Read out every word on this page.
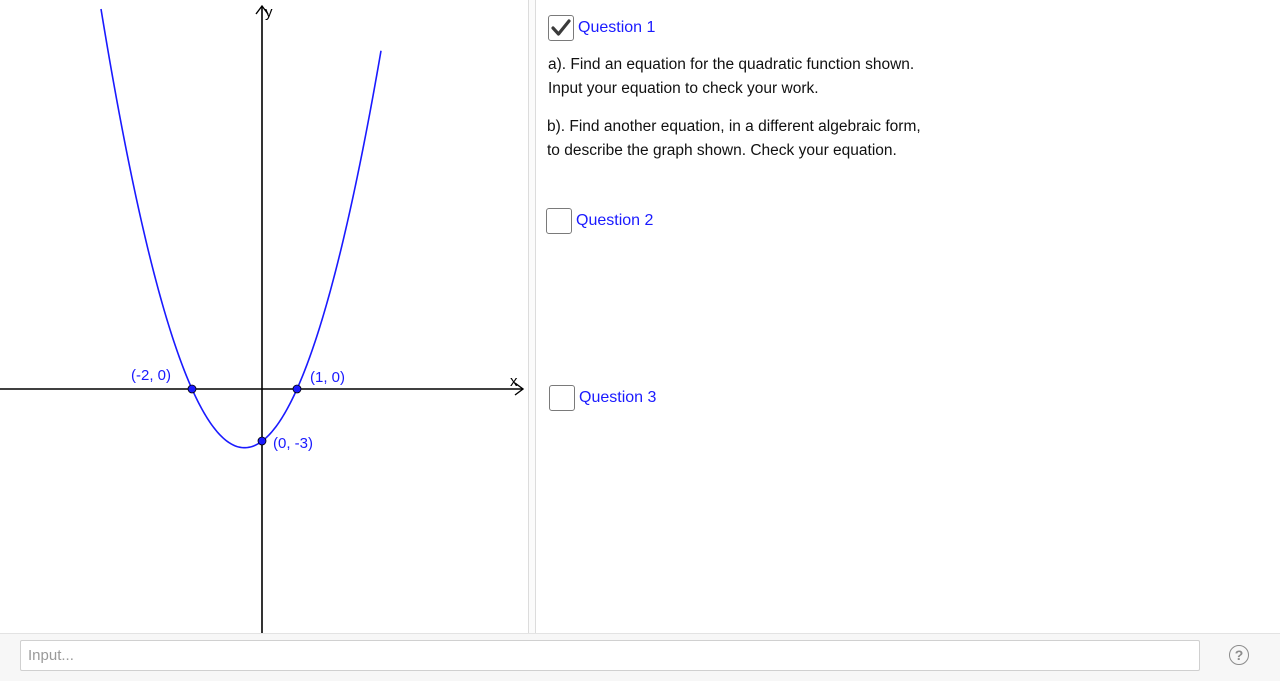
x
y
(-2, 0)	(1, 0)
(0, -3)
Question 1
a). Find an equation for the quadratic function shown.
Input your equation to check your work.
b). Find another equation, in a different algebraic form,
to describe the graph shown. Check your equation.
Question 2
Question 3
Input...
?
